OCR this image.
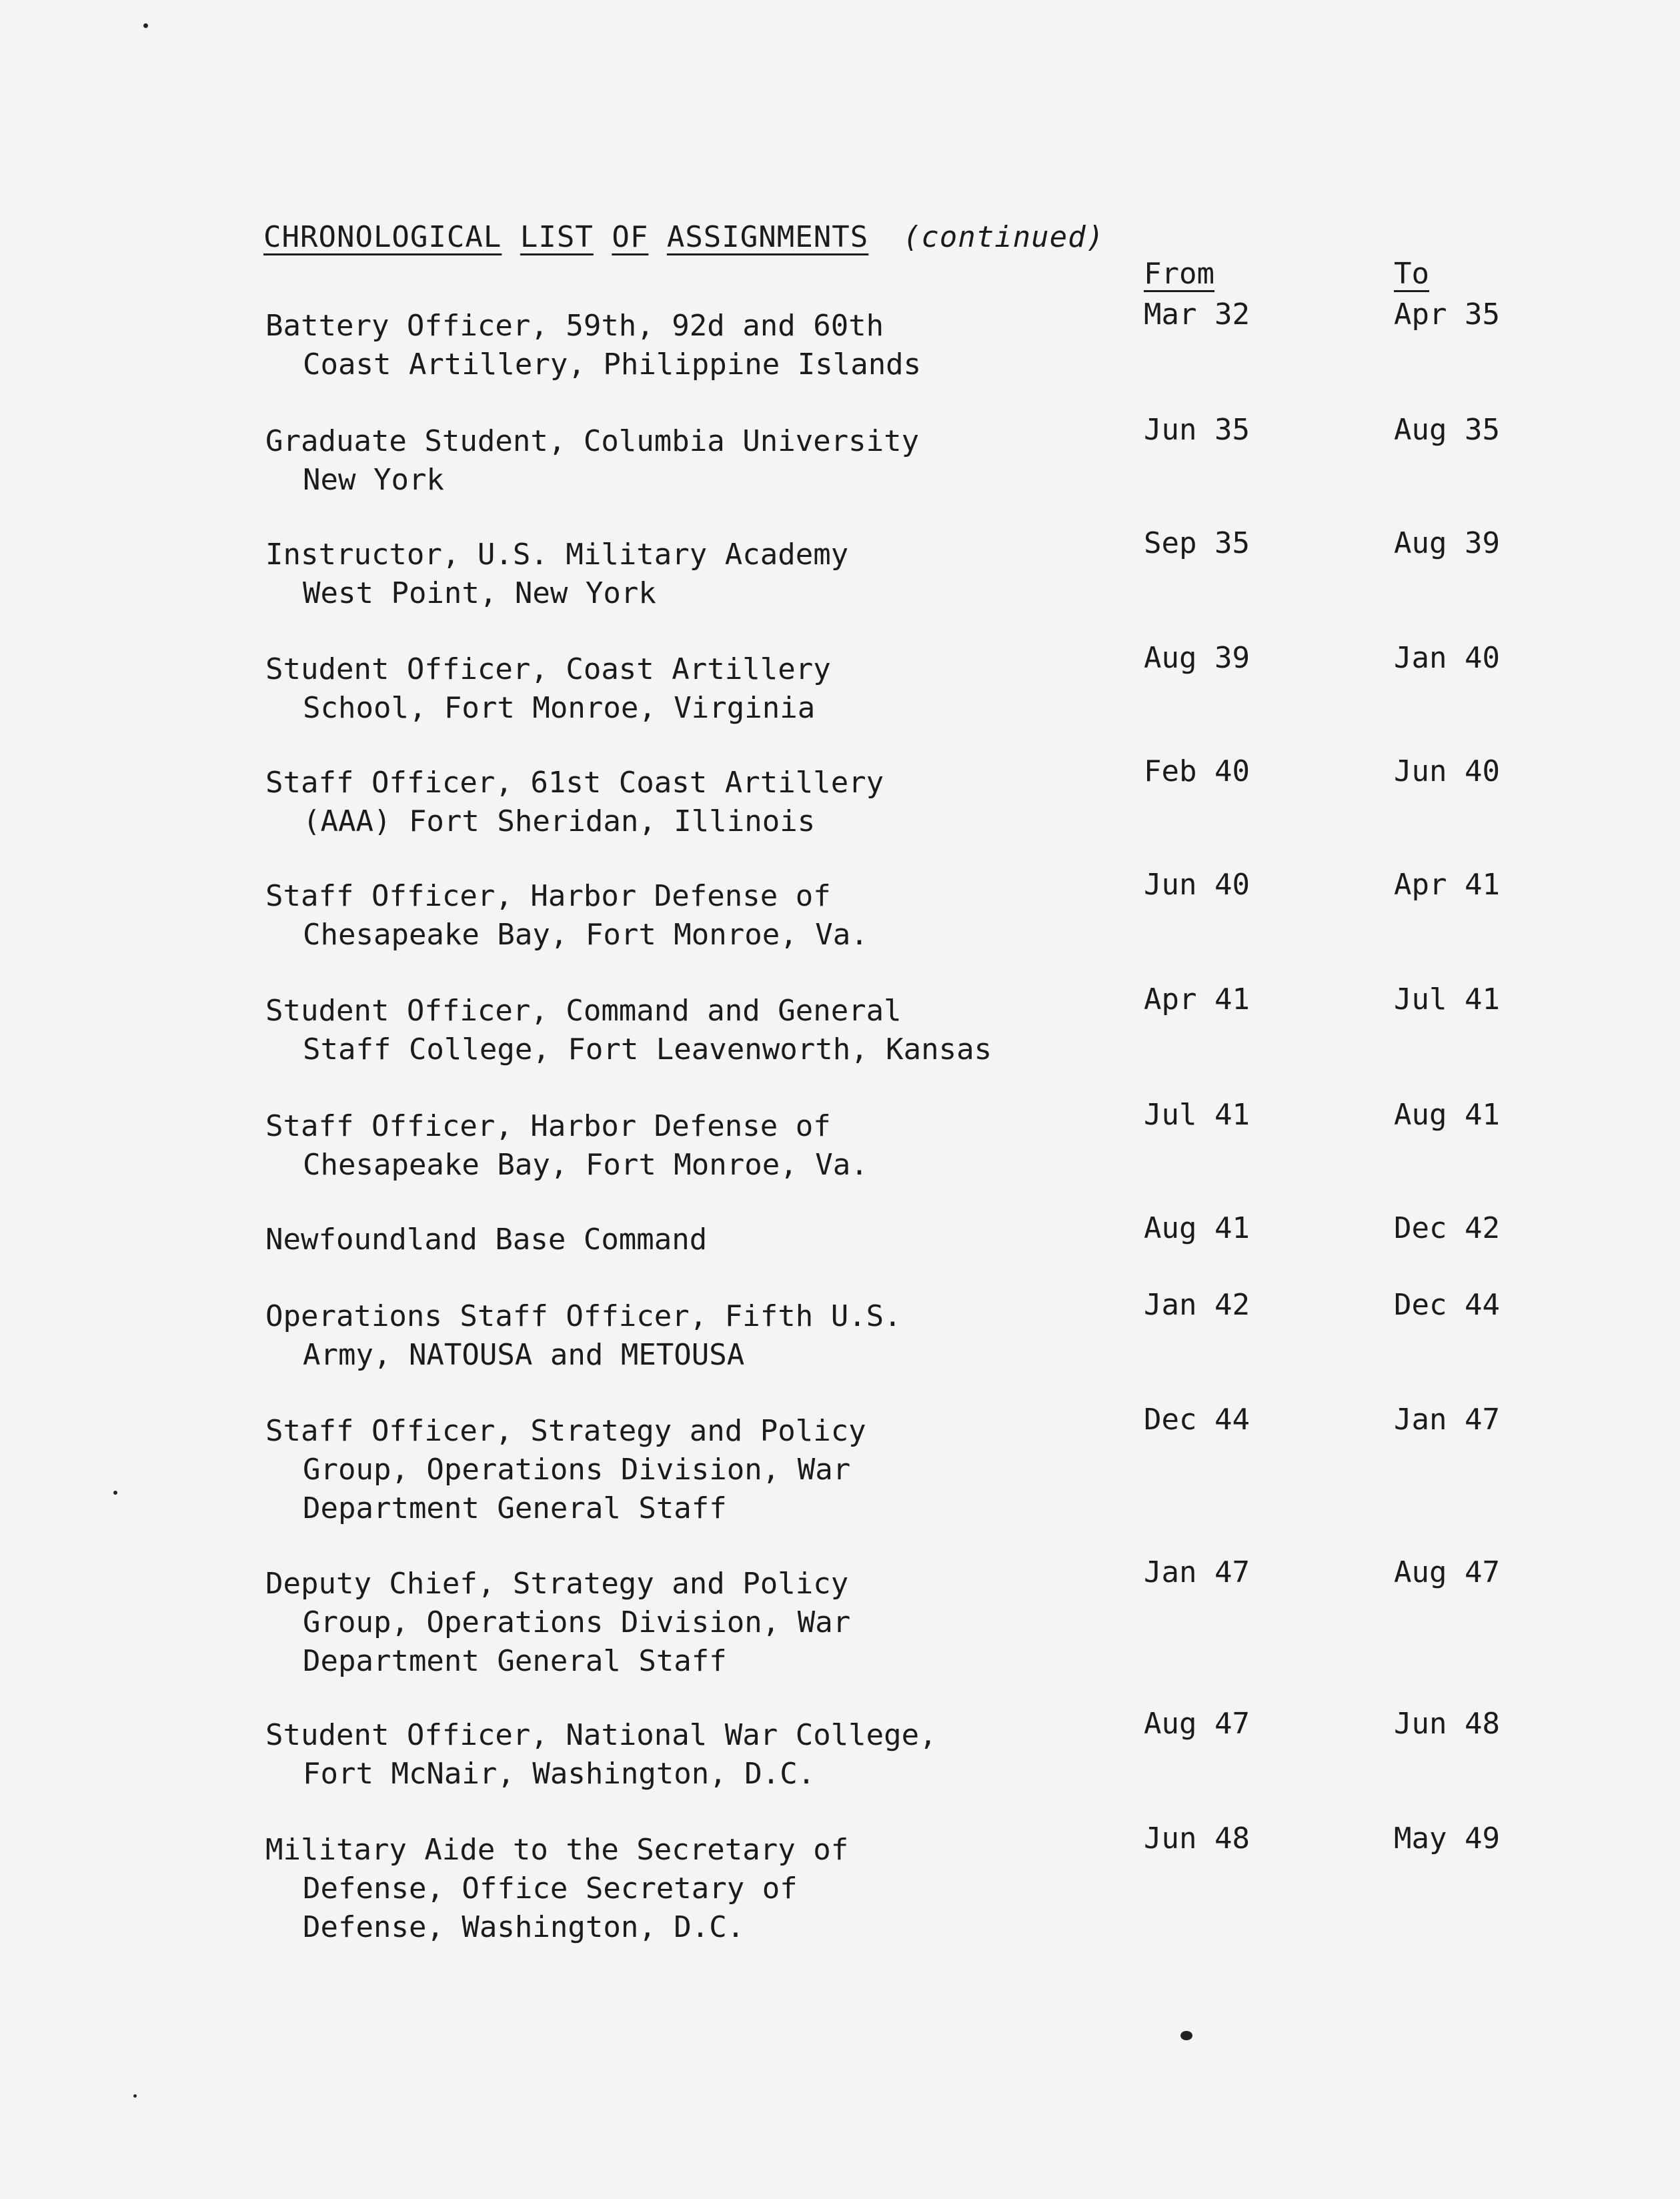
CHRONOLOGICAL LIST OF ASSIGNMENTS (continued)
From	To
Battery Officer, 59th, 92d and 60th
Coast Artillery, Philippine Islands
Mar 32	Apr 35
Graduate Student, Columbia University
New York
Jun 35	Aug 35
Instructor, U.S. Military Academy
West Point, New York
Sep 35	Aug 39
Student Officer, Coast Artillery
School, Fort Monroe, Virginia
Aug 39	Jan 40
Staff Officer, 61st Coast Artillery
(AAA) Fort Sheridan, Illinois
Feb 40	Jun 40
Staff Officer, Harbor Defense of
Chesapeake Bay, Fort Monroe, Va.
Jun 40	Apr 41
Student Officer, Command and General
Staff College, Fort Leavenworth, Kansas
Apr 41	Jul 41
Staff Officer, Harbor Defense of
Chesapeake Bay, Fort Monroe, Va.
Jul 41	Aug 41
Newfoundland Base Command	Aug 41	Dec 42
Operations Staff Officer, Fifth U.S.
Army, NATOUSA and METOUSA
Jan 42	Dec 44
Staff Officer, Strategy and Policy
Group, Operations Division, War
Department General Staff
Dec 44	Jan 47
Deputy Chief, Strategy and Policy
Group, Operations Division, War
Department General Staff
Jan 47	Aug 47
Student Officer, National War College,
Fort McNair, Washington, D.C.
Aug 47	Jun 48
Military Aide to the Secretary of
Defense, Office Secretary of
Defense, Washington, D.C.
Jun 48	May 49
